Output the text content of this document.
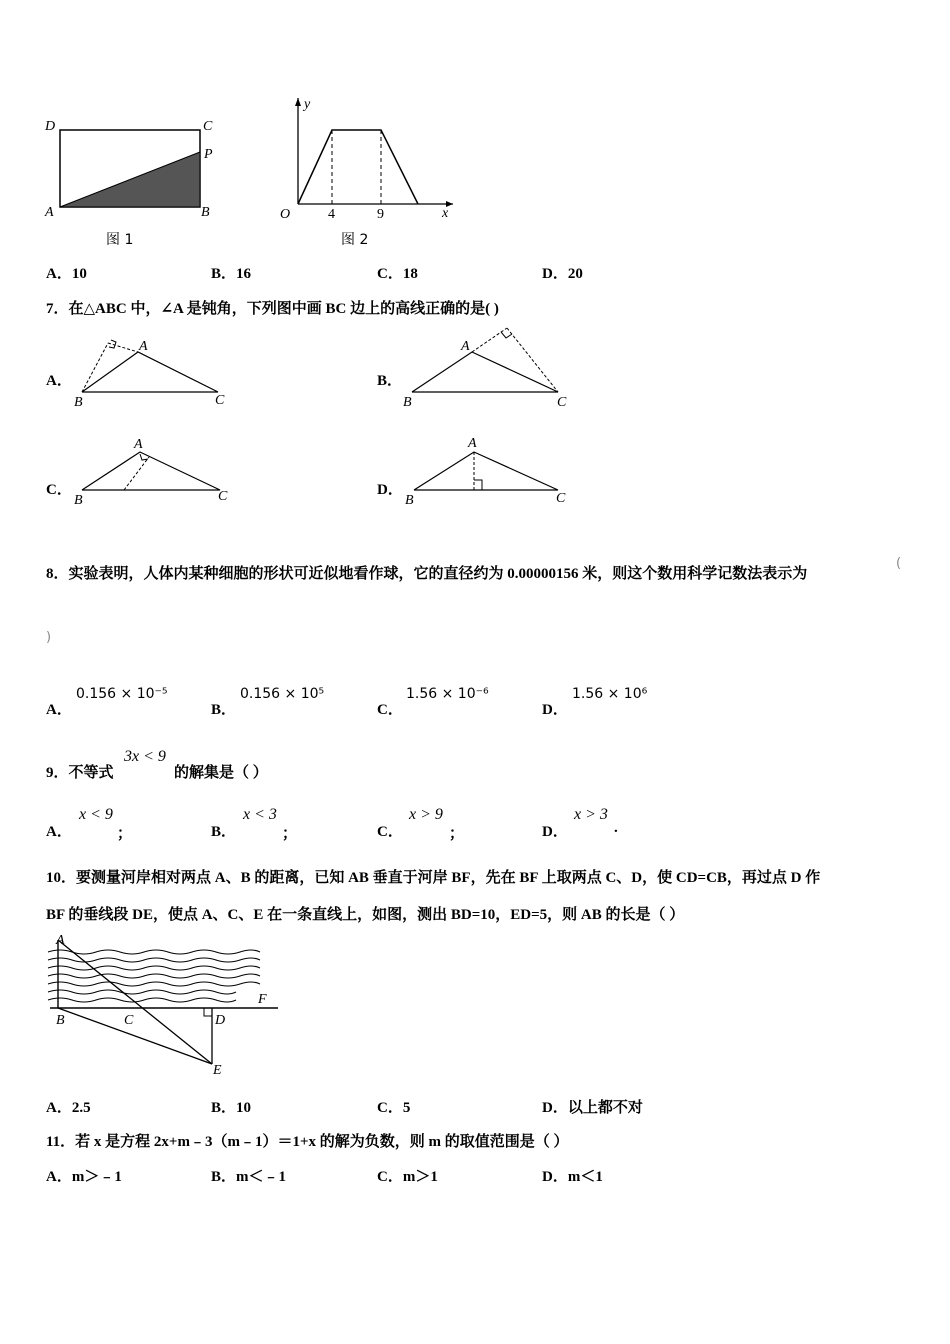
D	C
P
A	B
图 1
y
x
O	4	9
图 2
A．10	B．16	C．18	D．20
7．在△ABC 中，∠A 是钝角，下列图中画 BC 边上的高线正确的是( )
A．
A
B	C
B．
A
B	C
C．
A
B	C	D．
A
B	C
8．实验表明，人体内某种细胞的形状可近似地看作球，它的直径约为 0.00000156 米，则这个数用科学记数法表示为
(
)
A．
0.156 × 10⁻⁵
B．
0.156 × 10⁵
C．
1.56 × 10⁻⁶
D．
1.56 × 10⁶
9．不等式
3x < 9
的解集是（ ）
A．
x < 9
；	B．
x < 3
；	C．
x > 9
；	D．
x > 3
.
10．要测量河岸相对两点 A、B 的距离，已知 AB 垂直于河岸 BF，先在 BF 上取两点 C、D，使 CD=CB，再过点 D 作
BF 的垂线段 DE，使点 A、C、E 在一条直线上，如图，测出 BD=10，ED=5，则 AB 的长是（ ）
A
B	C	D
E
F
A．2.5	B．10	C．5	D．以上都不对
11．若 x 是方程 2x+m﹣3（m﹣1）＝1+x 的解为负数，则 m 的取值范围是（ ）
A．m＞﹣1	B．m＜﹣1	C．m＞1	D．m＜1
